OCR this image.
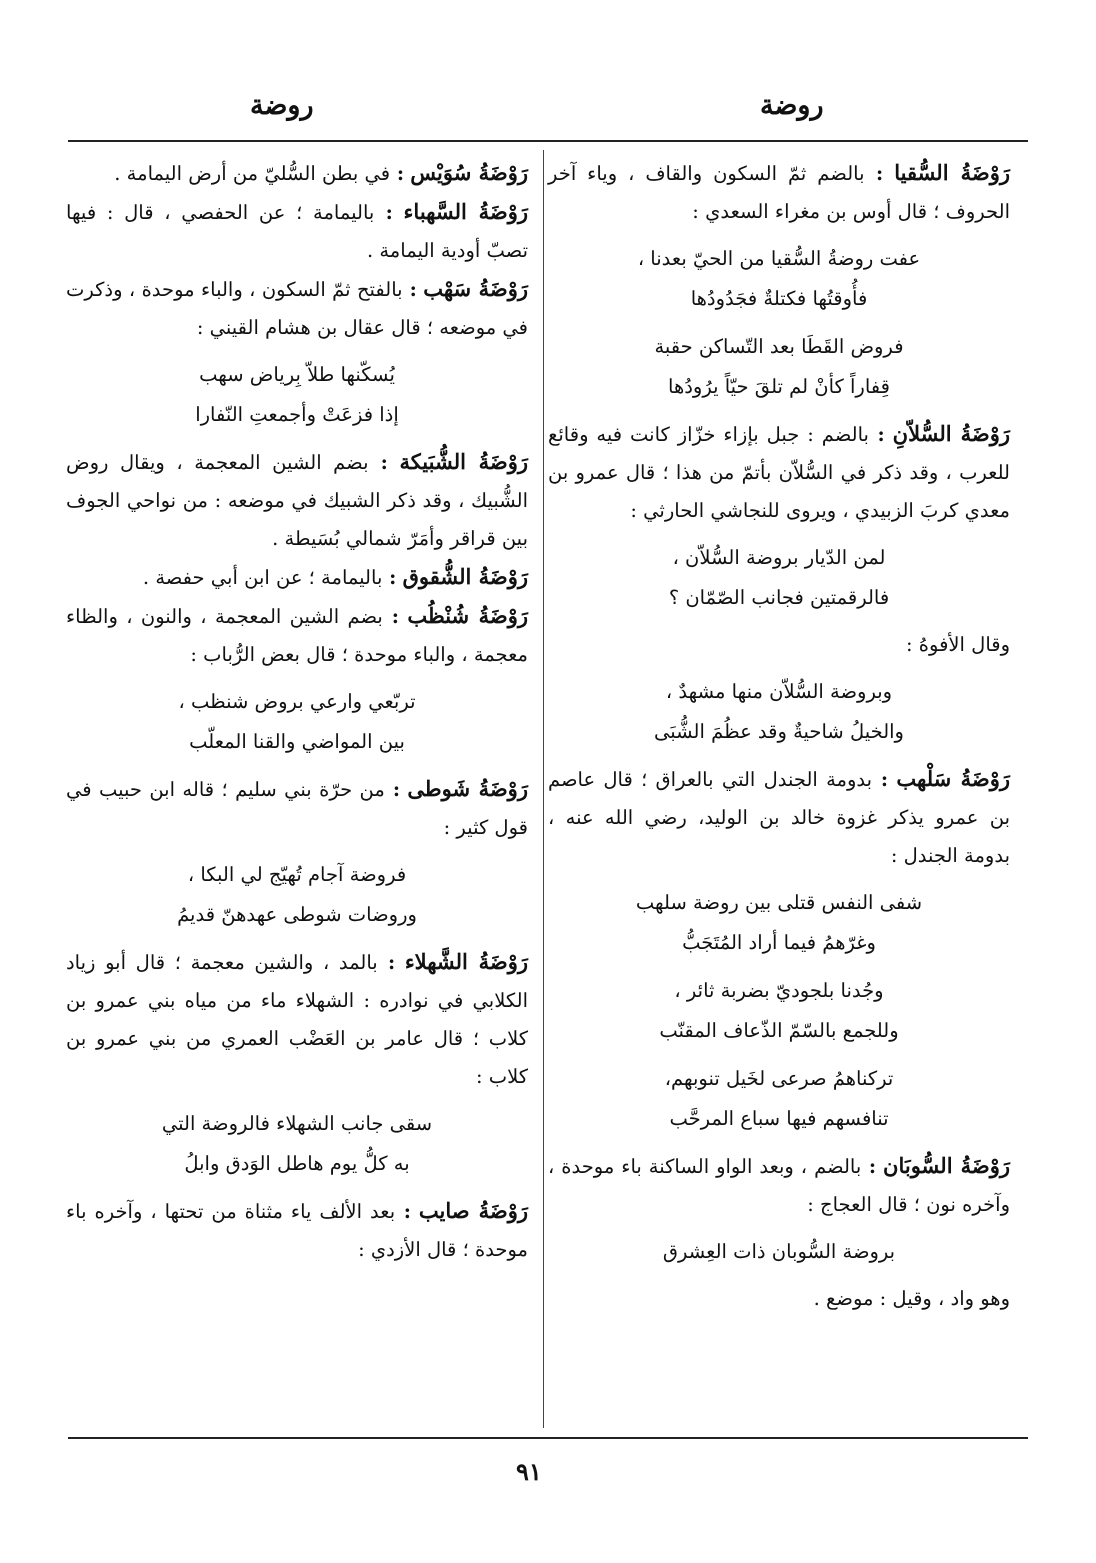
روضة
روضة

رَوْضَةُ السُّقيا : بالضم ثمّ السكون والقاف ، وياء آخر الحروف ؛ قال أوس بن مغراء السعدي :

عفت روضةُ السُّقيا من الحيّ بعدنا ،
فأُوقتُها فكتلةٌ فجَدُودُها
فروض القَطَا بعد التّساكن حقبة
قِفاراً كأنْ لم تلقَ حيّاً يرُودُها

رَوْضَةُ السُّلاّنِ : بالضم : جبل بإزاء خزّاز كانت فيه وقائع للعرب ، وقد ذكر في السُّلاّن بأتمّ من هذا ؛ قال عمرو بن معدي كربَ الزبيدي ، ويروى للنجاشي الحارثي :

لمن الدّيار بروضة السُّلاّن ،
فالرقمتين فجانب الصّمّان ؟

وقال الأفوهُ :

وبروضة السُّلاّن منها مشهدٌ ،
والخيلُ شاحيةٌ وقد عظُمَ الشُّبَى

رَوْضَةُ سَلْهب : بدومة الجندل التي بالعراق ؛ قال عاصم بن عمرو يذكر غزوة خالد بن الوليد، رضي الله عنه ، بدومة الجندل :

شفى النفس قتلى بين روضة سلهب
وغرّهمُ فيما أراد المُتَجَبُّ
وجُدنا بلجوديّ بضربة ثائر ،
وللجمع بالسّمّ الذّعاف المقنّب
تركناهمُ صرعى لخَيل تنوبهم،
تنافسهم فيها سباع المرحَّب

رَوْضَةُ السُّوبَان : بالضم ، وبعد الواو الساكنة باء موحدة ، وآخره نون ؛ قال العجاج :

بروضة السُّوبان ذات العِشرق

وهو واد ، وقيل : موضع .

رَوْضَةُ سُوَيْس : في بطن السُّليّ من أرض اليمامة .

رَوْضَةُ السَّهباء : باليمامة ؛ عن الحفصي ، قال : فيها تصبّ أودية اليمامة .

رَوْضَةُ سَهْب : بالفتح ثمّ السكون ، والباء موحدة ، وذكرت في موضعه ؛ قال عقال بن هشام القيني :

يُسكّنها طلاّ بِرياض سهب
إذا فزعَتْ وأجمعتِ النّفارا

رَوْضَةُ الشُّبَيكة : بضم الشين المعجمة ، ويقال روض الشُّبيك ، وقد ذكر الشبيك في موضعه : من نواحي الجوف بين قراقر وأمَرّ شمالي بُسَيطة .

رَوْضَةُ الشُّقوق : باليمامة ؛ عن ابن أبي حفصة .

رَوْضَةُ شُنْظُب : بضم الشين المعجمة ، والنون ، والظاء معجمة ، والباء موحدة ؛ قال بعض الرُّباب :

تربّعي وارعي بروض شنظب ،
بين المواضي والقنا المعلّب

رَوْضَةُ شَوطى : من حرّة بني سليم ؛ قاله ابن حبيب في قول كثير :

فروضة آجام تُهيّج لي البكا ،
وروضات شوطى عهدهنّ قديمُ

رَوْضَةُ الشَّهلاء : بالمد ، والشين معجمة ؛ قال أبو زياد الكلابي في نوادره : الشهلاء ماء من مياه بني عمرو بن كلاب ؛ قال عامر بن العَضْب العمري من بني عمرو بن كلاب :

سقى جانب الشهلاء فالروضة التي
به كلُّ يوم هاطل الوَدق وابلُ

رَوْضَةُ صايب : بعد الألف ياء مثناة من تحتها ، وآخره باء موحدة ؛ قال الأزدي :

٩١
